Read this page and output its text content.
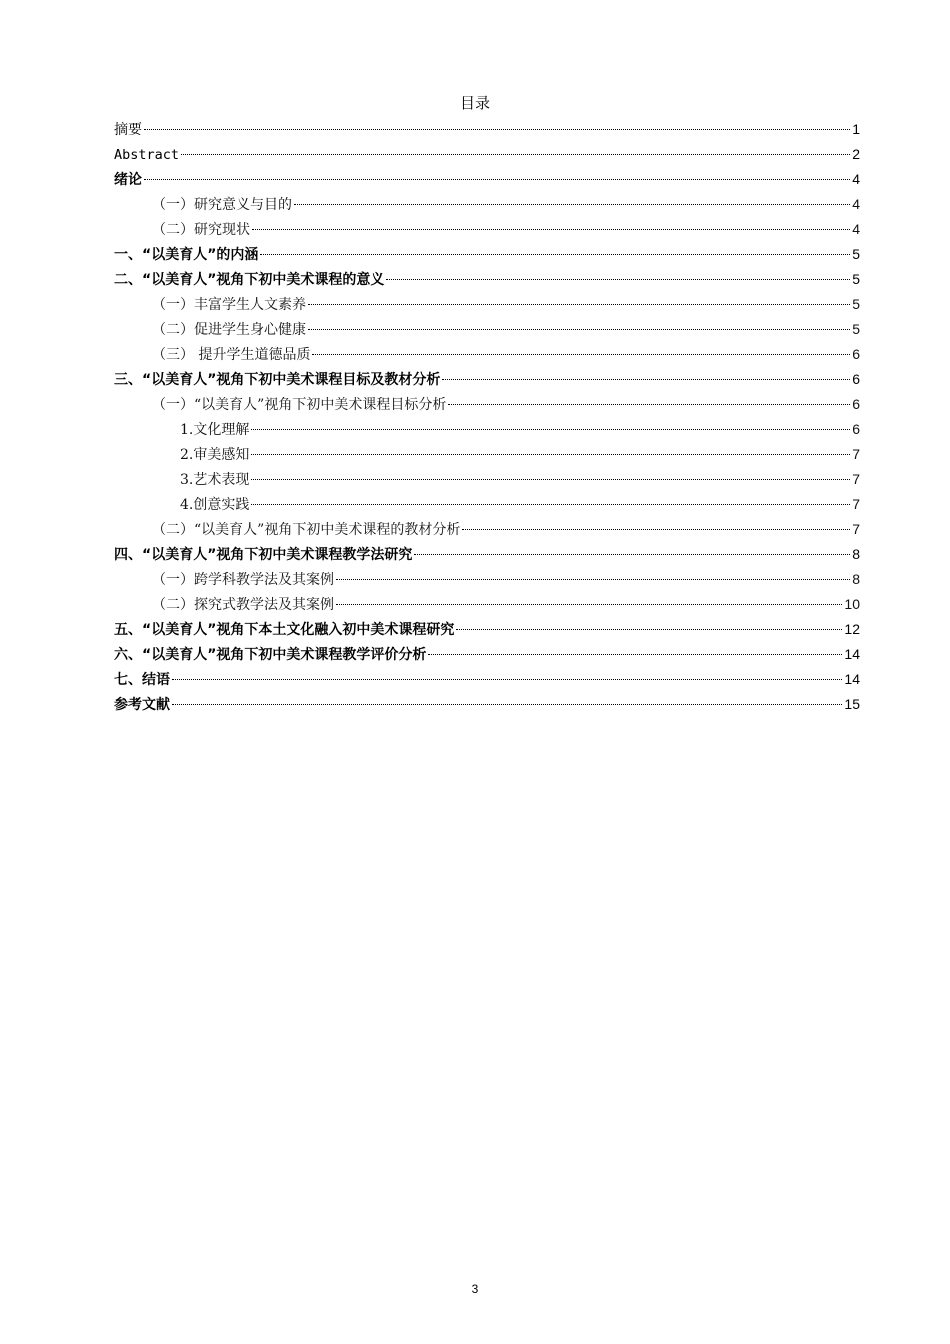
目录
摘要	1
Abstract	2
绪论	4
（一）研究意义与目的	4
（二）研究现状	4
一、“以美育人”的内涵	5
二、“以美育人”视角下初中美术课程的意义	5
（一）丰富学生人文素养	5
（二）促进学生身心健康	5
（三） 提升学生道德品质	6
三、“以美育人”视角下初中美术课程目标及教材分析	6
（一）“以美育人”视角下初中美术课程目标分析	6
1.文化理解	6
2.审美感知	7
3.艺术表现	7
4.创意实践	7
（二）“以美育人”视角下初中美术课程的教材分析	7
四、“以美育人”视角下初中美术课程教学法研究	8
（一）跨学科教学法及其案例	8
（二）探究式教学法及其案例	10
五、“以美育人”视角下本土文化融入初中美术课程研究	12
六、“以美育人”视角下初中美术课程教学评价分析	14
七、结语	14
参考文献	15
3
